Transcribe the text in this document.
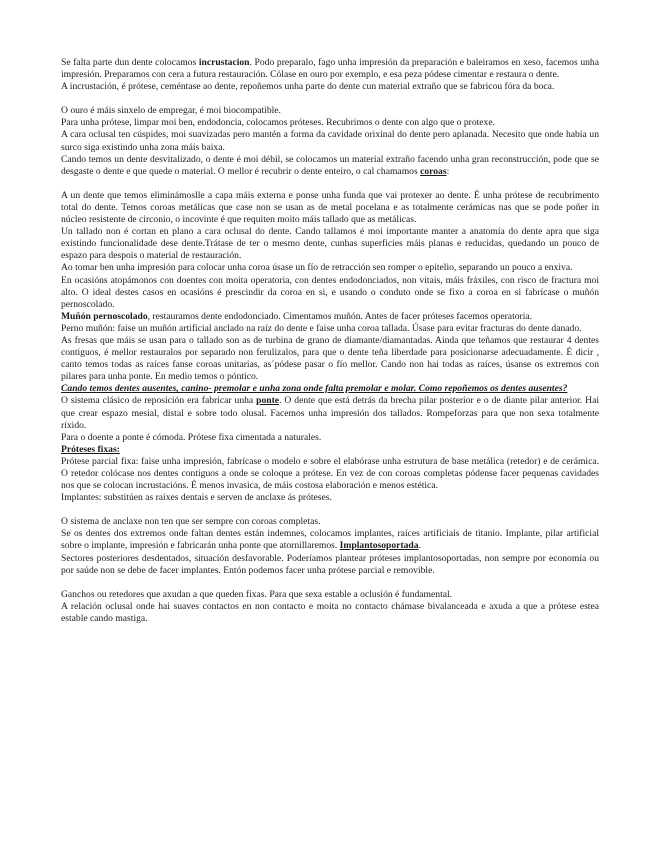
Se falta parte dun dente colocamos incrustacion. Podo preparalo, fago unha impresión da preparación e baleiramos en xeso, facemos unha impresión. Preparamos con cera a futura restauración. Cólase en ouro por exemplo, e esa peza pódese cimentar e restaura o dente.

A incrustación, é prótese, ceméntase ao dente, repoñemos unha parte do dente cun material extraño que se fabricou fóra da boca.

O ouro é máis sinxelo de empregar, é moi biocompatible.

Para unha prótese, limpar moi ben, endodoncia, colocamos próteses. Recubrimos o dente con algo que o protexe.

A cara oclusal ten cúspides, moi suavizadas pero mantén a forma da cavidade orixinal do dente pero aplanada. Necesito que onde había un surco siga existindo unha zona máis baixa.

Cando temos un dente desvitalizado, o dente é moi débil, se colocamos un material extraño facendo unha gran reconstrucción, pode que se desgaste o dente e que quede o material. O mellor é recubrir o dente enteiro, o cal chamamos coroas:

A un dente que temos eliminámoslle a capa máis externa e ponse unha funda que vai protexer ao dente. É unha prótese de recubrimento total do dente. Temos coroas metálicas que case non se usan as de metal pocelana e as totalmente cerámicas nas que se pode poñer in núcleo resistente de circonio, o incovinte é que requiten moito máis tallado que as metálicas.

Un tallado non é cortan en plano a cara oclusal do dente. Cando tallamos é moi importante manter a anatomía do dente apra que siga existindo funcionalidade dese dente.Trátase de ter o mesmo dente, cunhas superficies máis planas e reducidas, quedando un pouco de espazo para despois o material de restauración.

Ao tomar ben unha impresión para colocar unha coroa úsase un fío de retracción sen romper o epitelio, separando un pouco a enxiva.

En ocasións atopámonos con doentes con moita operatoria, con dentes endodonciados, non vitais, máis fráxiles, con risco de fractura moi alto. O ideal destes casos en ocasións é prescindir da coroa en si, e usando o conduto onde se fixo a coroa en si fabrícase o muñón pernoscolado.

Muñón pernoscolado, restauramos dente endodonciado. Cimentamos muñón. Antes de facer próteses facemos operatoria.

Perno muñón: faise un muñón artificial anclado na raíz do dente e faise unha coroa tallada. Úsase para evitar fracturas do dente danado.

As fresas que máis se usan para o tallado son as de turbina de grano de diamante/diamantadas. Ainda que teñamos que restaurar 4 dentes contiguos, é mellor restauralos por separado non ferulizalos, para que o dente teña liberdade para posicionarse adecuadamente. É dicir , canto temos todas as raíces fanse coroas unitarias, as´pódese pasar o fío mellor. Cando non hai todas as raíces, úsanse os extremos con pilares para unha ponte. En medio temos o póntico.

Cando temos dentes ausentes, canino- premolar e unha zona onde falta premolar e molar. Como repoñemos os dentes ausentes?

O sistema clásico de reposición era fabricar unha ponte. O dente que está detrás da brecha pilar posterior e o de diante pilar anterior. Hai que crear espazo mesial, distal e sobre todo olusal. Facemos unha impresión dos tallados. Rompeforzas para que non sexa totalmente ríxido.

Para o doente a ponte é cómoda. Prótese fixa cimentada a naturales.

Próteses fixas:

Prótese parcial fixa: faise unha impresión, fabrícase o modelo e sobre el elabórase unha estrutura de base metálica (retedor) e de cerámica. O retedor colócase nos dentes contiguos a onde se coloque a prótese. En vez de con coroas completas pódense facer pequenas cavidades nos que se colocan incrustacións. É menos invasica, de máis costosa elaboración e menos estética.

Implantes: substitúen as raíxes dentais e serven de anclaxe ás próteses.

O sistema de anclaxe non ten que ser sempre con coroas completas.

Se os dentes dos extremos onde faltan dentes están indemnes, colocamos implantes, raíces artificiais de titanio. Implante, pilar artificial sobre o implante, impresión e fabricarán unha ponte que atornillaremos. Implantosoportada.

Sectores posteriores desdentados, situación desfavorable. Poderíamos plantear próteses implantosoportadas, non sempre por economía ou por saúde non se debe de facer implantes. Entón podemos facer unha prótese parcial e removible.

Ganchos ou retedores que axudan a que queden fixas. Para que sexa estable a oclusión é fundamental.

A relación oclusal onde hai suaves contactos en non contacto e moita no contacto chámase bivalanceada e axuda a que a prótese estea estable cando mastiga.
